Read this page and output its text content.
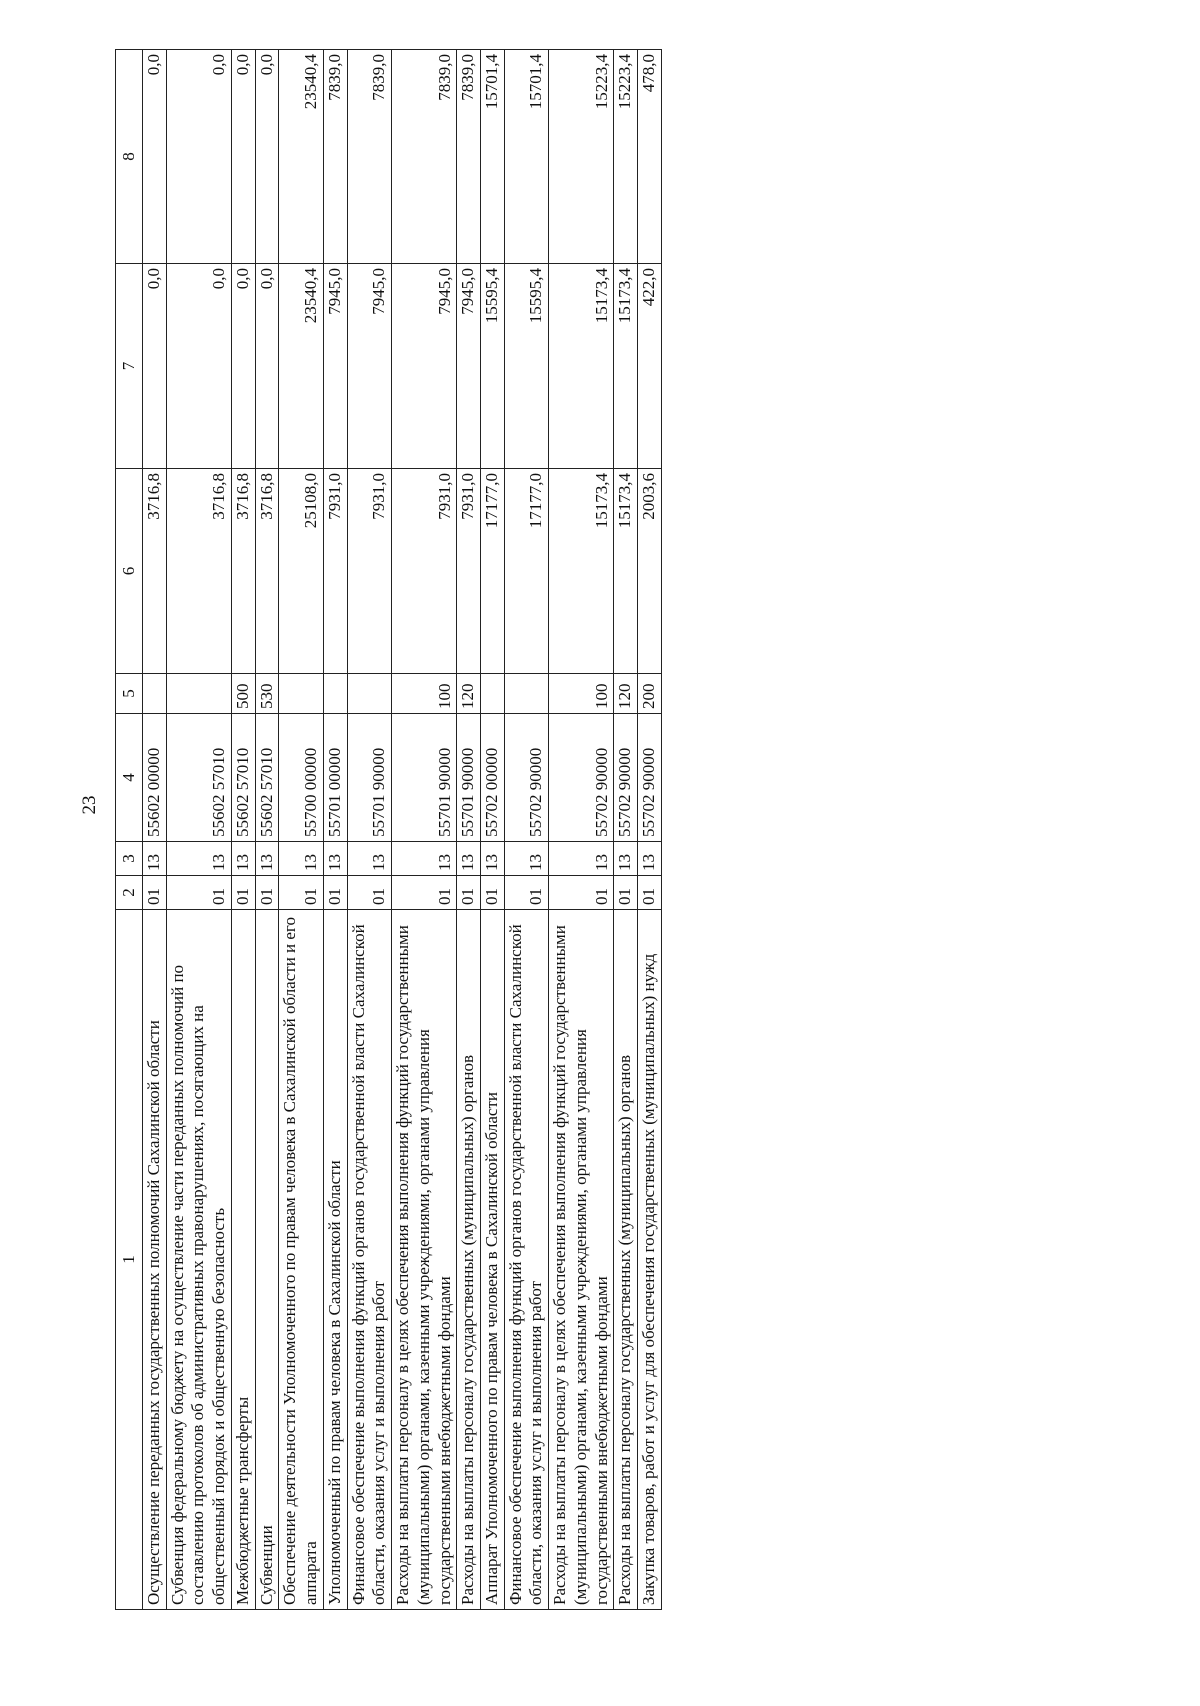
23
1	2	3	4	5	6	7	8
Осуществление переданных государственных полномочий Сахалинской области	01	13	55602 00000		3716,8	0,0	0,0
Субвенция федеральному бюджету на осуществление части переданных полномочий по составлению протоколов об административных правонарушениях, посягающих на общественный порядок и общественную безопасность	01	13	55602 57010		3716,8	0,0	0,0
Межбюджетные трансферты	01	13	55602 57010	500	3716,8	0,0	0,0
Субвенции	01	13	55602 57010	530	3716,8	0,0	0,0
Обеспечение деятельности Уполномоченного по правам человека в Сахалинской области и его аппарата	01	13	55700 00000		25108,0	23540,4	23540,4
Уполномоченный по правам человека в Сахалинской области	01	13	55701 00000		7931,0	7945,0	7839,0
Финансовое обеспечение выполнения функций органов государственной власти Сахалинской области, оказания услуг и выполнения работ	01	13	55701 90000		7931,0	7945,0	7839,0
Расходы на выплаты персоналу в целях обеспечения выполнения функций государственными (муниципальными) органами, казенными учреждениями, органами управления государственными внебюджетными фондами	01	13	55701 90000	100	7931,0	7945,0	7839,0
Расходы на выплаты персоналу государственных (муниципальных) органов	01	13	55701 90000	120	7931,0	7945,0	7839,0
Аппарат Уполномоченного по правам человека в Сахалинской области	01	13	55702 00000		17177,0	15595,4	15701,4
Финансовое обеспечение выполнения функций органов государственной власти Сахалинской области, оказания услуг и выполнения работ	01	13	55702 90000		17177,0	15595,4	15701,4
Расходы на выплаты персоналу в целях обеспечения выполнения функций государственными (муниципальными) органами, казенными учреждениями, органами управления государственными внебюджетными фондами	01	13	55702 90000	100	15173,4	15173,4	15223,4
Расходы на выплаты персоналу государственных (муниципальных) органов	01	13	55702 90000	120	15173,4	15173,4	15223,4
Закупка товаров, работ и услуг для обеспечения государственных (муниципальных) нужд	01	13	55702 90000	200	2003,6	422,0	478,0
